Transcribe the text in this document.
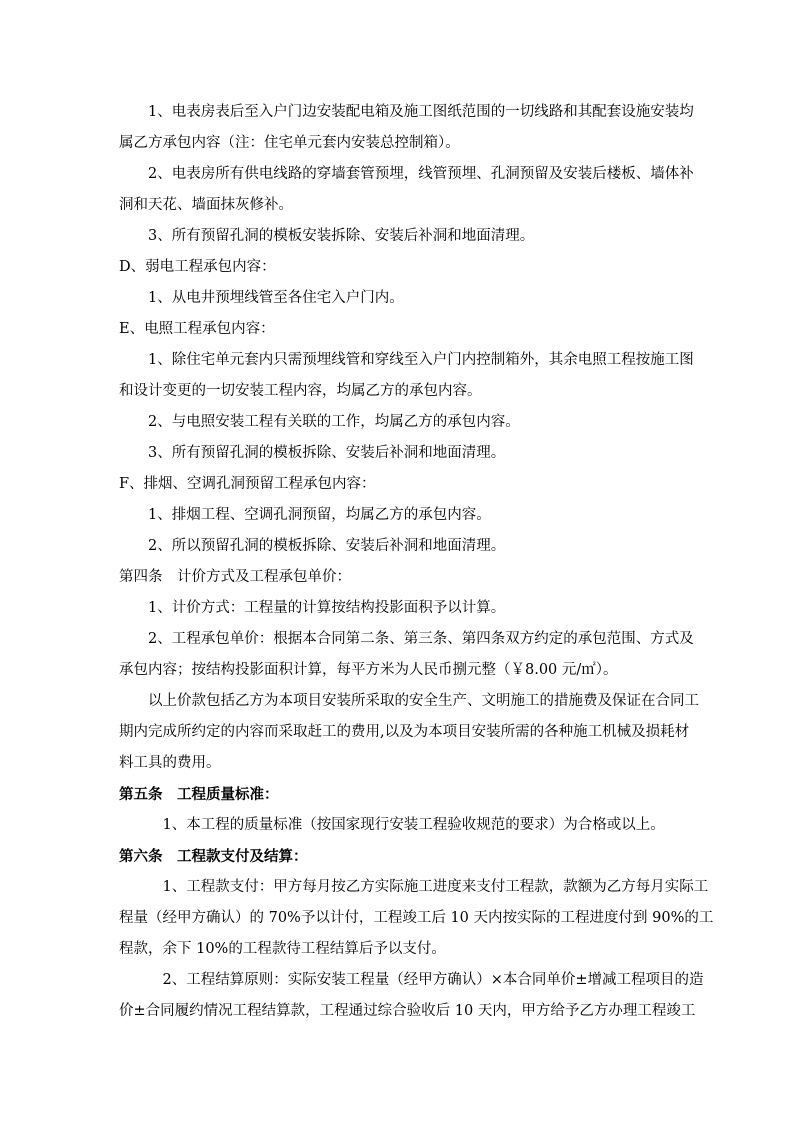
　　1、电表房表后至入户门边安装配电箱及施工图纸范围的一切线路和其配套设施安装均
属乙方承包内容（注：住宅单元套内安装总控制箱）。
　　2、电表房所有供电线路的穿墙套管预埋，线管预埋、孔洞预留及安装后楼板、墙体补
洞和天花、墙面抹灰修补。
　　3、所有预留孔洞的模板安装拆除、安装后补洞和地面清理。
D、弱电工程承包内容：
　　1、从电井预埋线管至各住宅入户门内。
E、电照工程承包内容：
　　1、除住宅单元套内只需预埋线管和穿线至入户门内控制箱外，其余电照工程按施工图
和设计变更的一切安装工程内容，均属乙方的承包内容。
　　2、与电照安装工程有关联的工作，均属乙方的承包内容。
　　3、所有预留孔洞的模板拆除、安装后补洞和地面清理。
F、排烟、空调孔洞预留工程承包内容：
　　1、排烟工程、空调孔洞预留，均属乙方的承包内容。
　　2、所以预留孔洞的模板拆除、安装后补洞和地面清理。
第四条　计价方式及工程承包单价：
　　1、计价方式：工程量的计算按结构投影面积予以计算。
　　2、工程承包单价：根据本合同第二条、第三条、第四条双方约定的承包范围、方式及
承包内容；按结构投影面积计算，每平方米为人民币捌元整（￥8.00 元/㎡）。
　　以上价款包括乙方为本项目安装所采取的安全生产、文明施工的措施费及保证在合同工
期内完成所约定的内容而采取赶工的费用,以及为本项目安装所需的各种施工机械及损耗材
料工具的费用。
第五条　工程质量标准：
　　　1、本工程的质量标准（按国家现行安装工程验收规范的要求）为合格或以上。
第六条　工程款支付及结算：
　　　1、工程款支付：甲方每月按乙方实际施工进度来支付工程款，款额为乙方每月实际工
程量（经甲方确认）的 70%予以计付，工程竣工后 10 天内按实际的工程进度付到 90%的工
程款，余下 10%的工程款待工程结算后予以支付。
　　　2、工程结算原则：实际安装工程量（经甲方确认）×本合同单价±增减工程项目的造
价±合同履约情况工程结算款，工程通过综合验收后 10 天内，甲方给予乙方办理工程竣工
